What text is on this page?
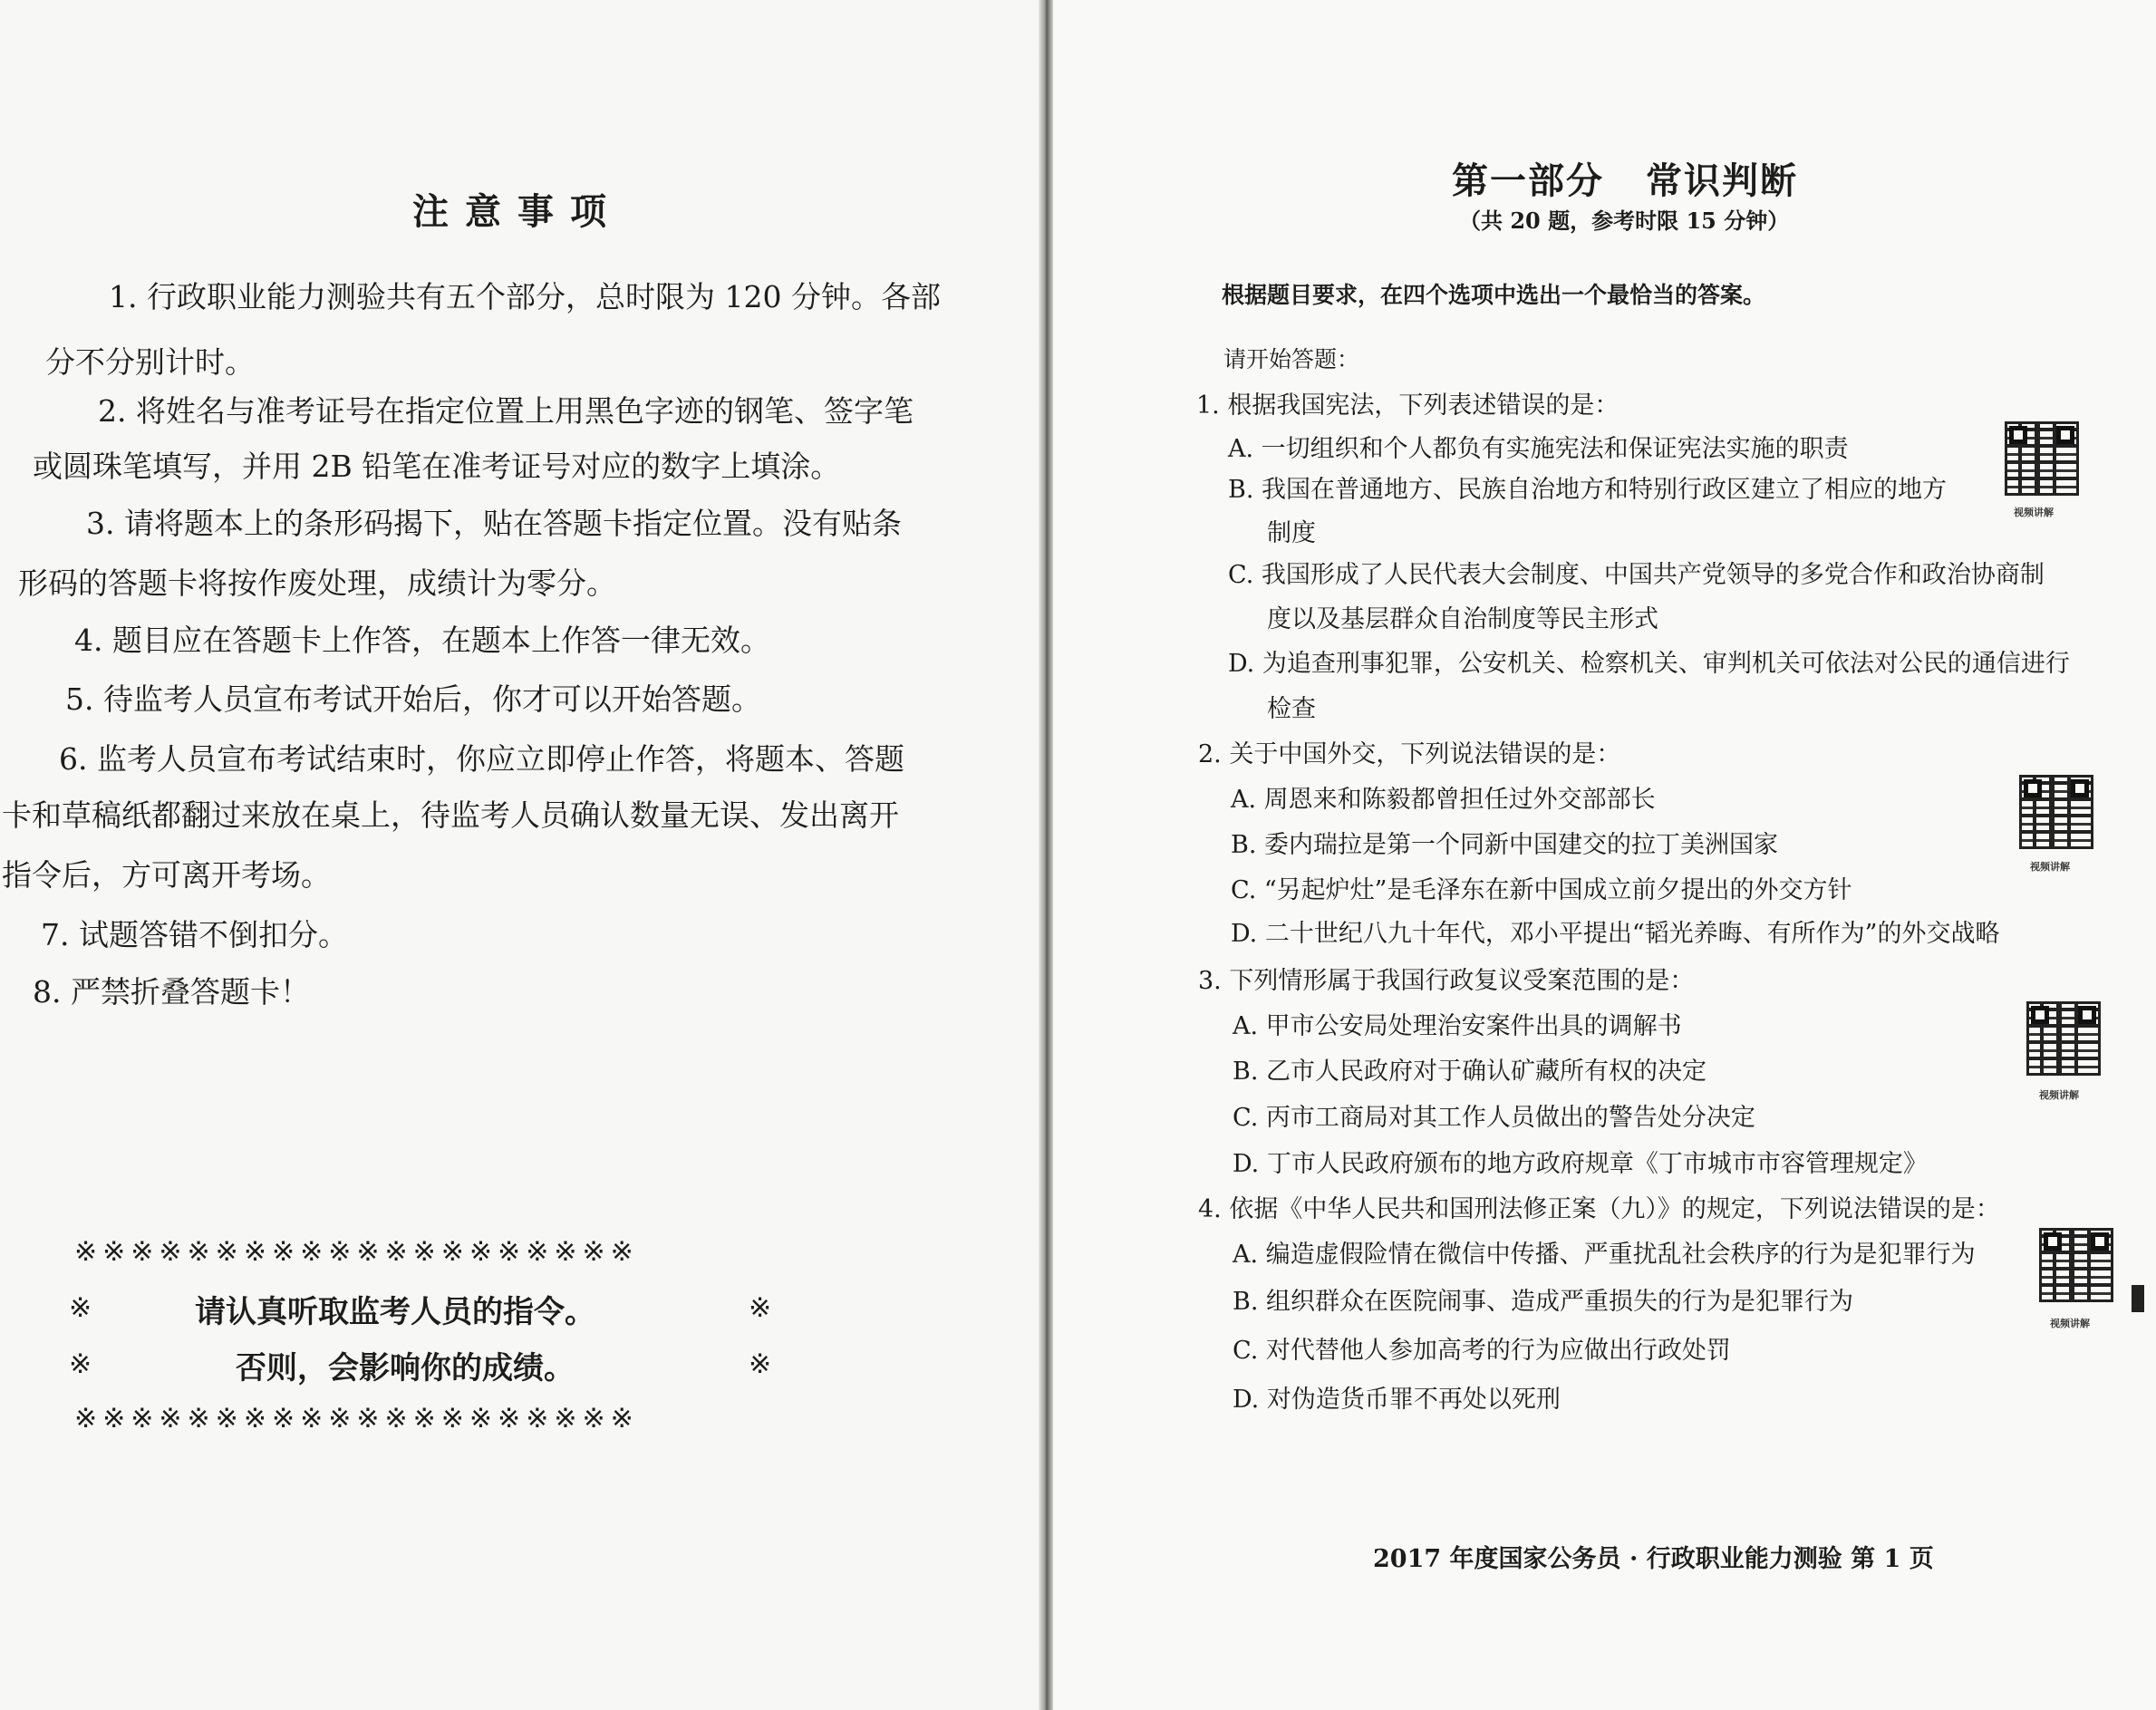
注意事项
1. 行政职业能力测验共有五个部分，总时限为 120 分钟。各部
分不分别计时。
2. 将姓名与准考证号在指定位置上用黑色字迹的钢笔、签字笔
或圆珠笔填写，并用 2B 铅笔在准考证号对应的数字上填涂。
3. 请将题本上的条形码揭下，贴在答题卡指定位置。没有贴条
形码的答题卡将按作废处理，成绩计为零分。
4. 题目应在答题卡上作答，在题本上作答一律无效。
5. 待监考人员宣布考试开始后，你才可以开始答题。
6. 监考人员宣布考试结束时，你应立即停止作答，将题本、答题
卡和草稿纸都翻过来放在桌上，待监考人员确认数量无误、发出离开
指令后，方可离开考场。
7. 试题答错不倒扣分。
8. 严禁折叠答题卡！
※※※※※※※※※※※※※※※※※※※※
※	请认真听取监考人员的指令。	※
※	否则，会影响你的成绩。	※
※※※※※※※※※※※※※※※※※※※※
第一部分 常识判断
（共 20 题，参考时限 15 分钟）
根据题目要求，在四个选项中选出一个最恰当的答案。
请开始答题：
1. 根据我国宪法，下列表述错误的是：
A. 一切组织和个人都负有实施宪法和保证宪法实施的职责
B. 我国在普通地方、民族自治地方和特别行政区建立了相应的地方
制度
C. 我国形成了人民代表大会制度、中国共产党领导的多党合作和政治协商制
度以及基层群众自治制度等民主形式
D. 为追查刑事犯罪，公安机关、检察机关、审判机关可依法对公民的通信进行
检查
视频讲解
2. 关于中国外交，下列说法错误的是：
A. 周恩来和陈毅都曾担任过外交部部长
B. 委内瑞拉是第一个同新中国建交的拉丁美洲国家
C. “另起炉灶”是毛泽东在新中国成立前夕提出的外交方针
D. 二十世纪八九十年代，邓小平提出“韬光养晦、有所作为”的外交战略
视频讲解
3. 下列情形属于我国行政复议受案范围的是：
A. 甲市公安局处理治安案件出具的调解书
B. 乙市人民政府对于确认矿藏所有权的决定
C. 丙市工商局对其工作人员做出的警告处分决定
D. 丁市人民政府颁布的地方政府规章《丁市城市市容管理规定》
视频讲解
4. 依据《中华人民共和国刑法修正案（九）》的规定，下列说法错误的是：
A. 编造虚假险情在微信中传播、严重扰乱社会秩序的行为是犯罪行为
B. 组织群众在医院闹事、造成严重损失的行为是犯罪行为
C. 对代替他人参加高考的行为应做出行政处罚
D. 对伪造货币罪不再处以死刑
视频讲解
2017 年度国家公务员 · 行政职业能力测验 第 1 页
